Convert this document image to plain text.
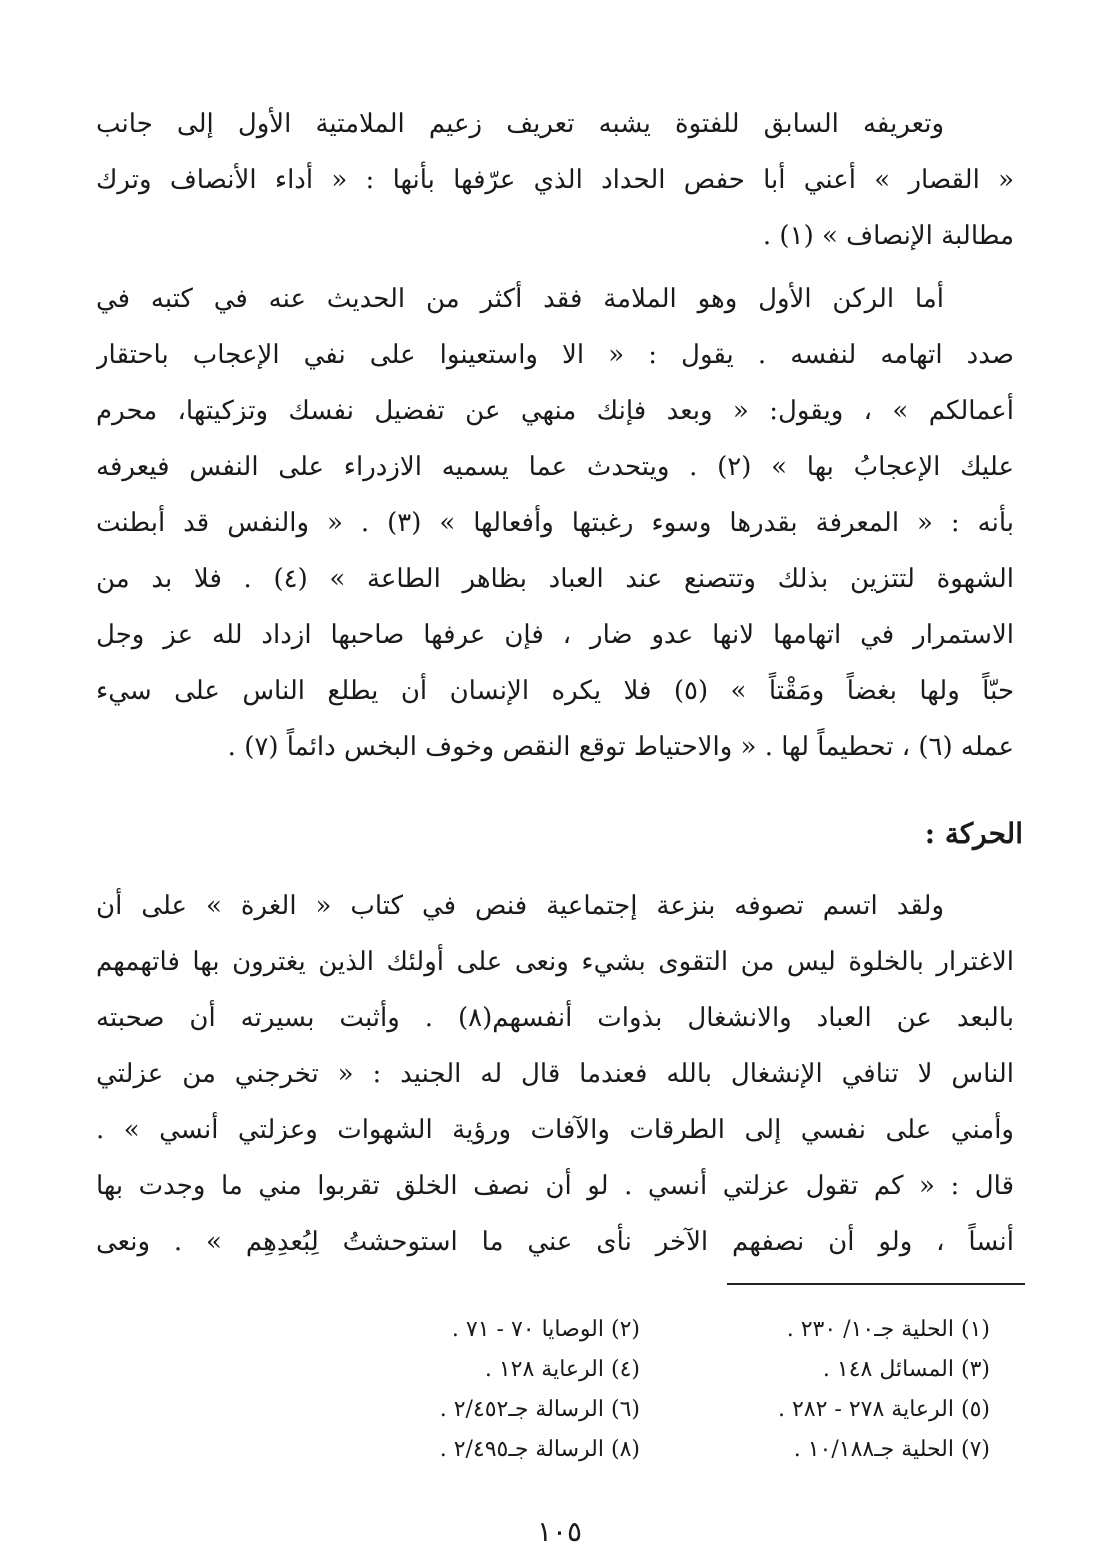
وتعريفه السابق للفتوة يشبه تعريف زعيم الملامتية الأول إلى جانب
« القصار » أعني أبا حفص الحداد الذي عرّفها بأنها : « أداء الأنصاف وترك
مطالبة الإنصاف » (١) .
أما الركن الأول وهو الملامة فقد أكثر من الحديث عنه في كتبه في
صدد اتهامه لنفسه . يقول : « الا واستعينوا على نفي الإعجاب باحتقار
أعمالكم » ، ويقول: « وبعد فإنك منهي عن تفضيل نفسك وتزكيتها، محرم
عليك الإعجابُ بها » (٢) . ويتحدث عما يسميه الازدراء على النفس فيعرفه
بأنه : « المعرفة بقدرها وسوء رغبتها وأفعالها » (٣) . « والنفس قد أبطنت
الشهوة لتتزين بذلك وتتصنع عند العباد بظاهر الطاعة » (٤) . فلا بد من
الاستمرار في اتهامها لانها عدو ضار ، فإن عرفها صاحبها ازداد لله عز وجل
حبّاً ولها بغضاً ومَقْتاً » (٥) فلا يكره الإنسان أن يطلع الناس على سيء
عمله (٦) ، تحطيماً لها . « والاحتياط توقع النقص وخوف البخس دائماً (٧) .
الحركة :
ولقد اتسم تصوفه بنزعة إجتماعية فنص في كتاب « الغرة » على أن
الاغترار بالخلوة ليس من التقوى بشيء ونعى على أولئك الذين يغترون بها فاتهمهم
بالبعد عن العباد والانشغال بذوات أنفسهم(٨) . وأثبت بسيرته أن صحبته
الناس لا تنافي الإنشغال بالله فعندما قال له الجنيد : « تخرجني من عزلتي
وأمني على نفسي إلى الطرقات والآفات ورؤية الشهوات وعزلتي أنسي » .
قال : « كم تقول عزلتي أنسي . لو أن نصف الخلق تقربوا مني ما وجدت بها
أنساً ، ولو أن نصفهم الآخر نأى عني ما استوحشتُ لِبُعدِهِم » . ونعى
(١) الحلية جـ١٠/ ٢٣٠ .
(٢) الوصايا ٧٠ - ٧١ .
(٣) المسائل ١٤٨ .
(٤) الرعاية ١٢٨ .
(٥) الرعاية ٢٧٨ - ٢٨٢ .
(٦) الرسالة جـ٢/٤٥٢ .
(٧) الحلية جـ١٠/١٨٨ .
(٨) الرسالة جـ٢/٤٩٥ .
١٠٥
